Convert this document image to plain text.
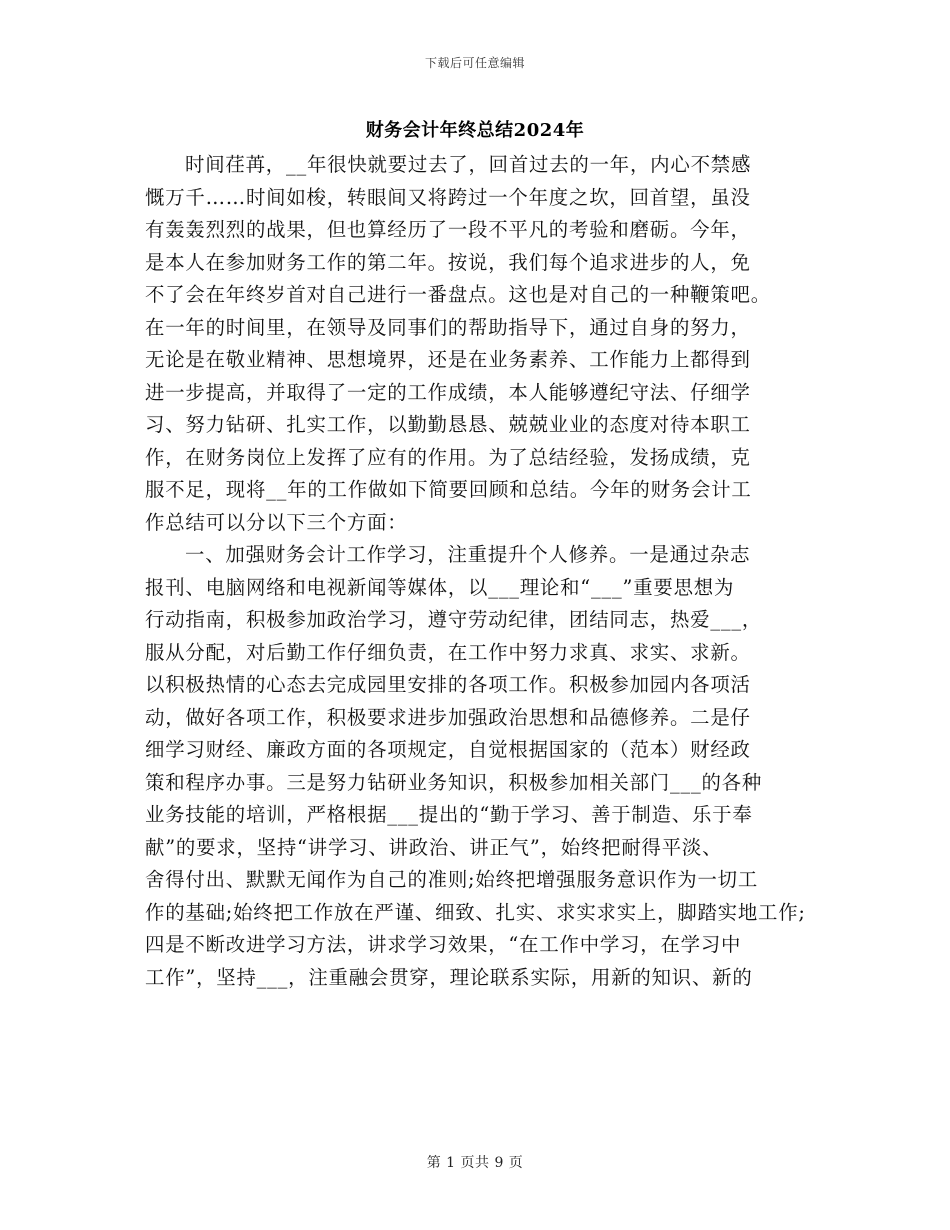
下载后可任意编辑
财务会计年终总结2024年
时间荏苒，__年很快就要过去了，回首过去的一年，内心不禁感
慨万千……时间如梭，转眼间又将跨过一个年度之坎，回首望，虽没
有轰轰烈烈的战果，但也算经历了一段不平凡的考验和磨砺。今年，
是本人在参加财务工作的第二年。按说，我们每个追求进步的人，免
不了会在年终岁首对自己进行一番盘点。这也是对自己的一种鞭策吧。
在一年的时间里，在领导及同事们的帮助指导下，通过自身的努力，
无论是在敬业精神、思想境界，还是在业务素养、工作能力上都得到
进一步提高，并取得了一定的工作成绩，本人能够遵纪守法、仔细学
习、努力钻研、扎实工作，以勤勤恳恳、兢兢业业的态度对待本职工
作，在财务岗位上发挥了应有的作用。为了总结经验，发扬成绩，克
服不足，现将__年的工作做如下简要回顾和总结。今年的财务会计工
作总结可以分以下三个方面：
一、加强财务会计工作学习，注重提升个人修养。一是通过杂志
报刊、电脑网络和电视新闻等媒体，以___理论和“___”重要思想为
行动指南，积极参加政治学习，遵守劳动纪律，团结同志，热爱___，
服从分配，对后勤工作仔细负责，在工作中努力求真、求实、求新。
以积极热情的心态去完成园里安排的各项工作。积极参加园内各项活
动，做好各项工作，积极要求进步加强政治思想和品德修养。二是仔
细学习财经、廉政方面的各项规定，自觉根据国家的（范本）财经政
策和程序办事。三是努力钻研业务知识，积极参加相关部门___的各种
业务技能的培训，严格根据___提出的“勤于学习、善于制造、乐于奉
献”的要求，坚持“讲学习、讲政治、讲正气”，始终把耐得平淡、
舍得付出、默默无闻作为自己的准则;始终把增强服务意识作为一切工
作的基础;始终把工作放在严谨、细致、扎实、求实求实上，脚踏实地工作;
四是不断改进学习方法，讲求学习效果，“在工作中学习，在学习中
工作”，坚持___，注重融会贯穿，理论联系实际，用新的知识、新的
第 1 页共 9 页
